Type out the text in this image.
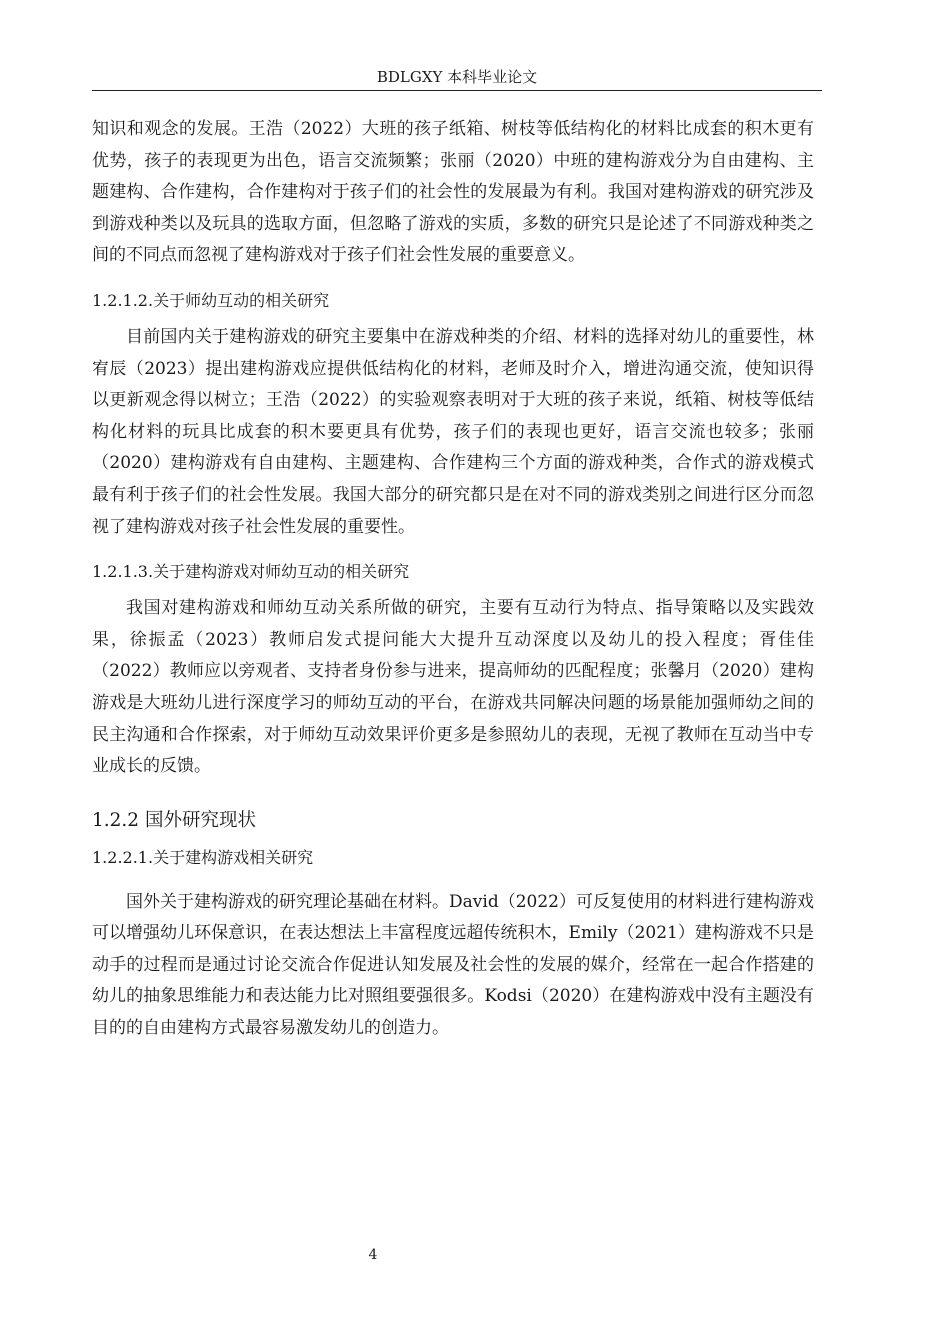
BDLGXY 本科毕业论文

知识和观念的发展。王浩（2022）大班的孩子纸箱、树枝等低结构化的材料比成套的积木更有优势，孩子的表现更为出色，语言交流频繁；张丽（2020）中班的建构游戏分为自由建构、主题建构、合作建构，合作建构对于孩子们的社会性的发展最为有利。我国对建构游戏的研究涉及到游戏种类以及玩具的选取方面，但忽略了游戏的实质，多数的研究只是论述了不同游戏种类之间的不同点而忽视了建构游戏对于孩子们社会性发展的重要意义。

1.2.1.2.关于师幼互动的相关研究

目前国内关于建构游戏的研究主要集中在游戏种类的介绍、材料的选择对幼儿的重要性，林宥辰（2023）提出建构游戏应提供低结构化的材料，老师及时介入，增进沟通交流，使知识得以更新观念得以树立；王浩（2022）的实验观察表明对于大班的孩子来说，纸箱、树枝等低结构化材料的玩具比成套的积木要更具有优势，孩子们的表现也更好，语言交流也较多；张丽（2020）建构游戏有自由建构、主题建构、合作建构三个方面的游戏种类，合作式的游戏模式最有利于孩子们的社会性发展。我国大部分的研究都只是在对不同的游戏类别之间进行区分而忽视了建构游戏对孩子社会性发展的重要性。

1.2.1.3.关于建构游戏对师幼互动的相关研究

我国对建构游戏和师幼互动关系所做的研究，主要有互动行为特点、指导策略以及实践效果，徐振孟（2023）教师启发式提问能大大提升互动深度以及幼儿的投入程度；胥佳佳（2022）教师应以旁观者、支持者身份参与进来，提高师幼的匹配程度；张馨月（2020）建构游戏是大班幼儿进行深度学习的师幼互动的平台，在游戏共同解决问题的场景能加强师幼之间的民主沟通和合作探索，对于师幼互动效果评价更多是参照幼儿的表现，无视了教师在互动当中专业成长的反馈。

1.2.2 国外研究现状

1.2.2.1.关于建构游戏相关研究

国外关于建构游戏的研究理论基础在材料。David（2022）可反复使用的材料进行建构游戏可以增强幼儿环保意识，在表达想法上丰富程度远超传统积木，Emily（2021）建构游戏不只是动手的过程而是通过讨论交流合作促进认知发展及社会性的发展的媒介，经常在一起合作搭建的幼儿的抽象思维能力和表达能力比对照组要强很多。Kodsi（2020）在建构游戏中没有主题没有目的的自由建构方式最容易激发幼儿的创造力。

4
